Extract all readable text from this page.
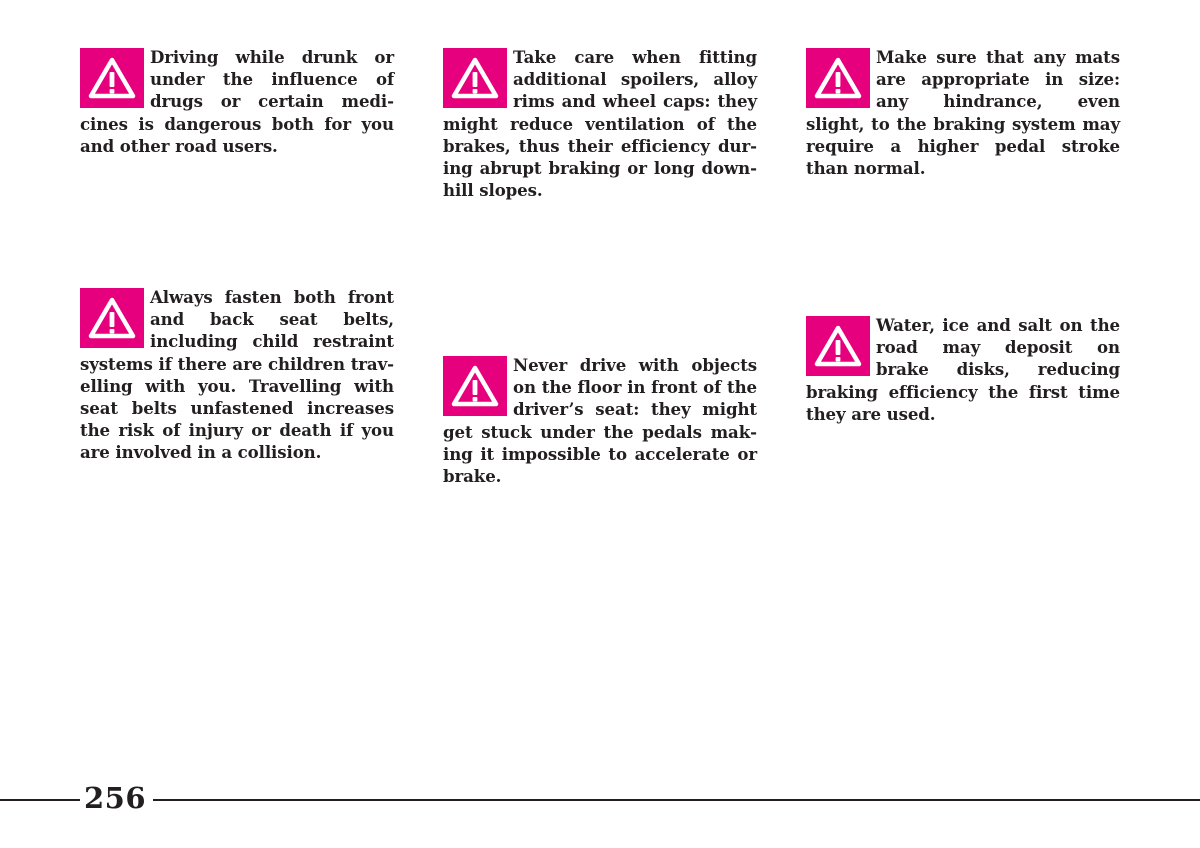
Driving while drunk or under the influence of drugs or certain medicines is dangerous both for you and other road users.

Take care when fitting additional spoilers, alloy rims and wheel caps: they might reduce ventilation of the brakes, thus their efficiency during abrupt braking or long downhill slopes.

Make sure that any mats are appropriate in size: any hindrance, even slight, to the braking system may require a higher pedal stroke than normal.

Always fasten both front and back seat belts, including child restraint systems if there are children travelling with you. Travelling with seat belts unfastened increases the risk of injury or death if you are involved in a collision.

Never drive with objects on the floor in front of the driver’s seat: they might get stuck under the pedals making it impossible to accelerate or brake.

Water, ice and salt on the road may deposit on brake disks, reducing braking efficiency the first time they are used.

256
